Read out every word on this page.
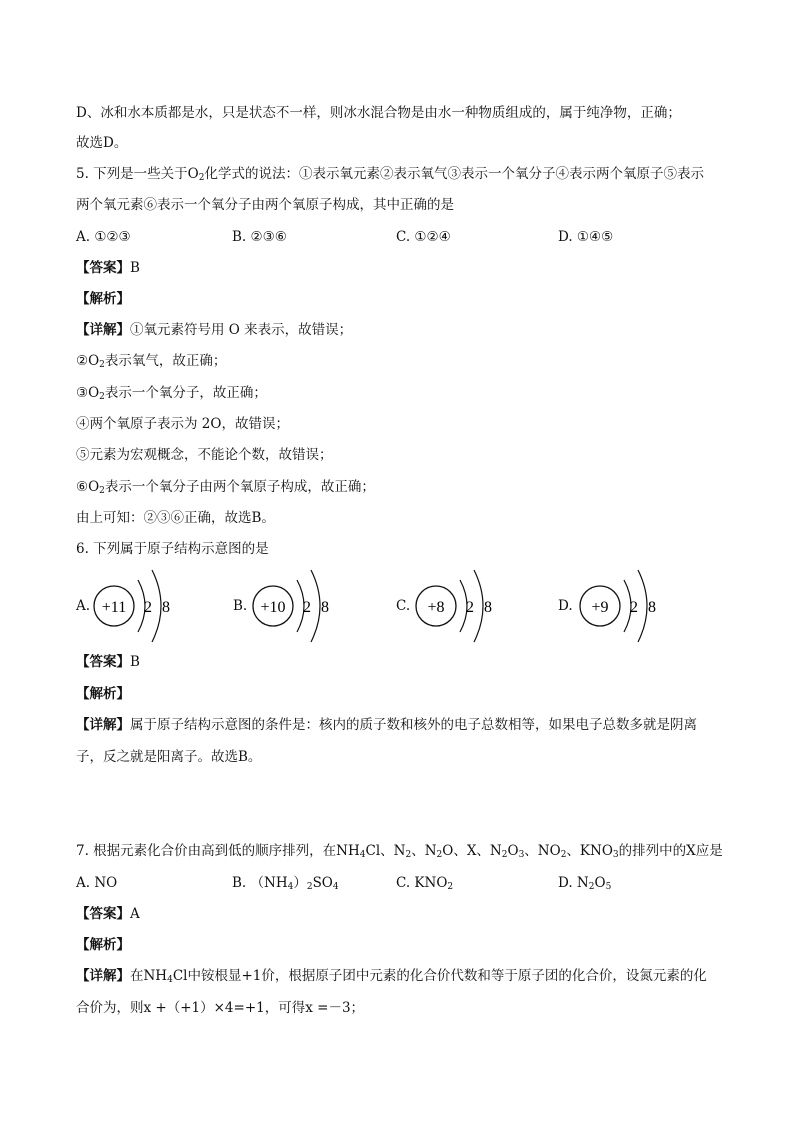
D、冰和水本质都是水，只是状态不一样，则冰水混合物是由水一种物质组成的，属于纯净物，正确；
故选D。
5. 下列是一些关于$O_2$化学式的说法：①表示氧元素②表示氧气③表示一个氧分子④表示两个氧原子⑤表示
两个氧元素⑥表示一个氧分子由两个氧原子构成，其中正确的是
A. ①②③	B. ②③⑥	C. ①②④	D. ①④⑤
【答案】B
【解析】
【详解】①氧元素符号用 O 来表示，故错误；
$②O_2$表示氧气，故正确；
$③O_2$表示一个氧分子，故正确；
④两个氧原子表示为 2O，故错误；
⑤元素为宏观概念，不能论个数，故错误；
$⑥O_2$表示一个氧分子由两个氧原子构成，故正确；
由上可知：②③⑥正确，故选B。
6. 下列属于原子结构示意图的是
A. +11 2 8	B. +10 2 8	C. +8 2 8	D. +9 2 8
【答案】B
【解析】
【详解】属于原子结构示意图的条件是：核内的质子数和核外的电子总数相等，如果电子总数多就是阴离
子，反之就是阳离子。故选B。
7. 根据元素化合价由高到低的顺序排列，在$NH_4Cl$、$N_2$、$N_2O$、X、$N_2O_3$、$NO_2$、$KNO_3$的排列中的X应是
A. NO	B. $(NH_4)_2SO_4$	C. $KNO_2$	D. $N_2O_5$
【答案】A
【解析】
【详解】在$NH_4Cl$中铵根显+1价，根据原子团中元素的化合价代数和等于原子团的化合价，设氮元素的化
合价为，则x +（+1）×4=+1，可得x =－3；
